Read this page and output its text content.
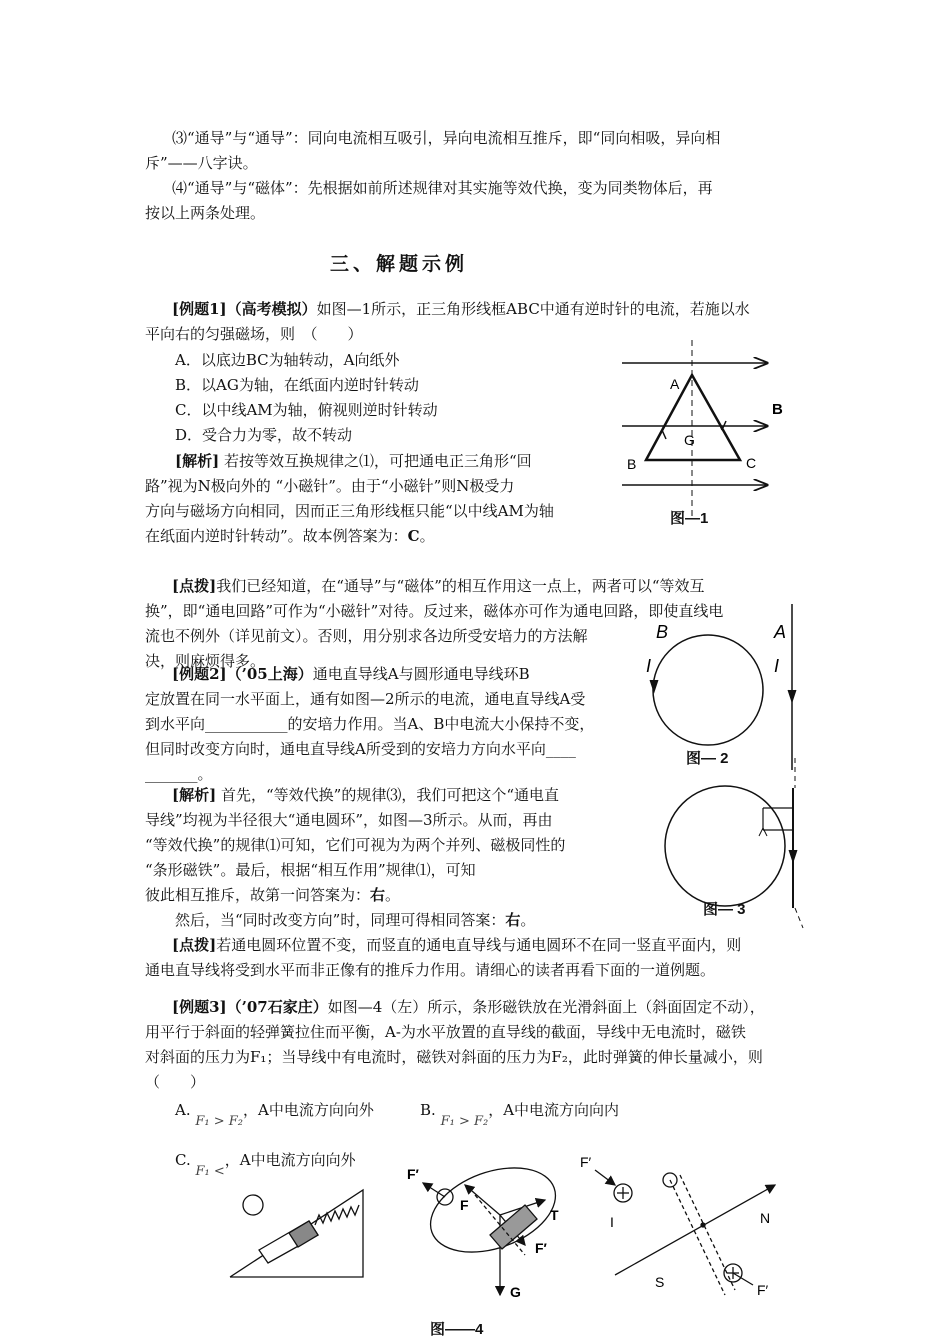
⑶“通导”与“通导”：同向电流相互吸引，异向电流相互推斥，即“同向相吸，异向相
斥”——八字诀。
⑷“通导”与“磁体”：先根据如前所述规律对其实施等效代换，变为同类物体后，再
按以上两条处理。
三、解题示例
[例题1]（高考模拟）如图—1所示，正三角形线框ABC中通有逆时针的电流，若施以水
平向右的匀强磁场，则　（　　）
A．以底边BC为轴转动，A向纸外
B．以AG为轴，在纸面内逆时针转动
C．以中线AM为轴，俯视则逆时针转动
D．受合力为零，故不转动
[解析] 若按等效互换规律之⑴，可把通电正三角形“回
路”视为N极向外的 “小磁针”。由于“小磁针”则N极受力
方向与磁场方向相同，因而正三角形线框只能“以中线AM为轴
在纸面内逆时针转动”。故本例答案为：C。
A
B	C
G
B
图—1
[点拨]我们已经知道，在“通导”与“磁体”的相互作用这一点上，两者可以“等效互
换”，即“通电回路”可作为“小磁针”对待。反过来，磁体亦可作为通电回路，即使直线电
流也不例外（详见前文）。否则，用分别求各边所受安培力的方法解
决，则麻烦得多。
[例题2]（’05上海）通电直导线A与圆形通电导线环B
定放置在同一水平面上，通有如图—2所示的电流，通电直导线A受
到水平向___________的安培力作用。当A、B中电流大小保持不变，
但同时改变方向时，通电直导线A所受到的安培力方向水平向____
_______。
B	A
I	I
图— 2
[解析] 首先，“等效代换”的规律⑶，我们可把这个“通电直
导线”均视为半径很大“通电圆环”，如图—3所示。从而，再由
“等效代换”的规律⑴可知，它们可视为为两个并列、磁极同性的
“条形磁铁”。最后，根据“相互作用”规律⑴，可知
彼此相互推斥，故第一问答案为：右。
然后，当“同时改变方向”时，同理可得相同答案：右。
图— 3
[点拨]若通电圆环位置不变，而竖直的通电直导线与通电圆环不在同一竖直平面内，则
通电直导线将受到水平而非正像有的推斥力作用。请细心的读者再看下面的一道例题。
[例题3]（’07石家庄）如图—4（左）所示，条形磁铁放在光滑斜面上（斜面固定不动），
用平行于斜面的轻弹簧拉住而平衡，A-为水平放置的直导线的截面，导线中无电流时，磁铁
对斜面的压力为F₁；当导线中有电流时，磁铁对斜面的压力为F₂，此时弹簧的伸长量减小，则
（　　）
A. F₁ > F₂，A中电流方向向外	B. F₁ > F₂，A中电流方向向内
C. F₁ <，A中电流方向向外
F′
F
T
F′
G
F′
I	N
S	F′
图——4
